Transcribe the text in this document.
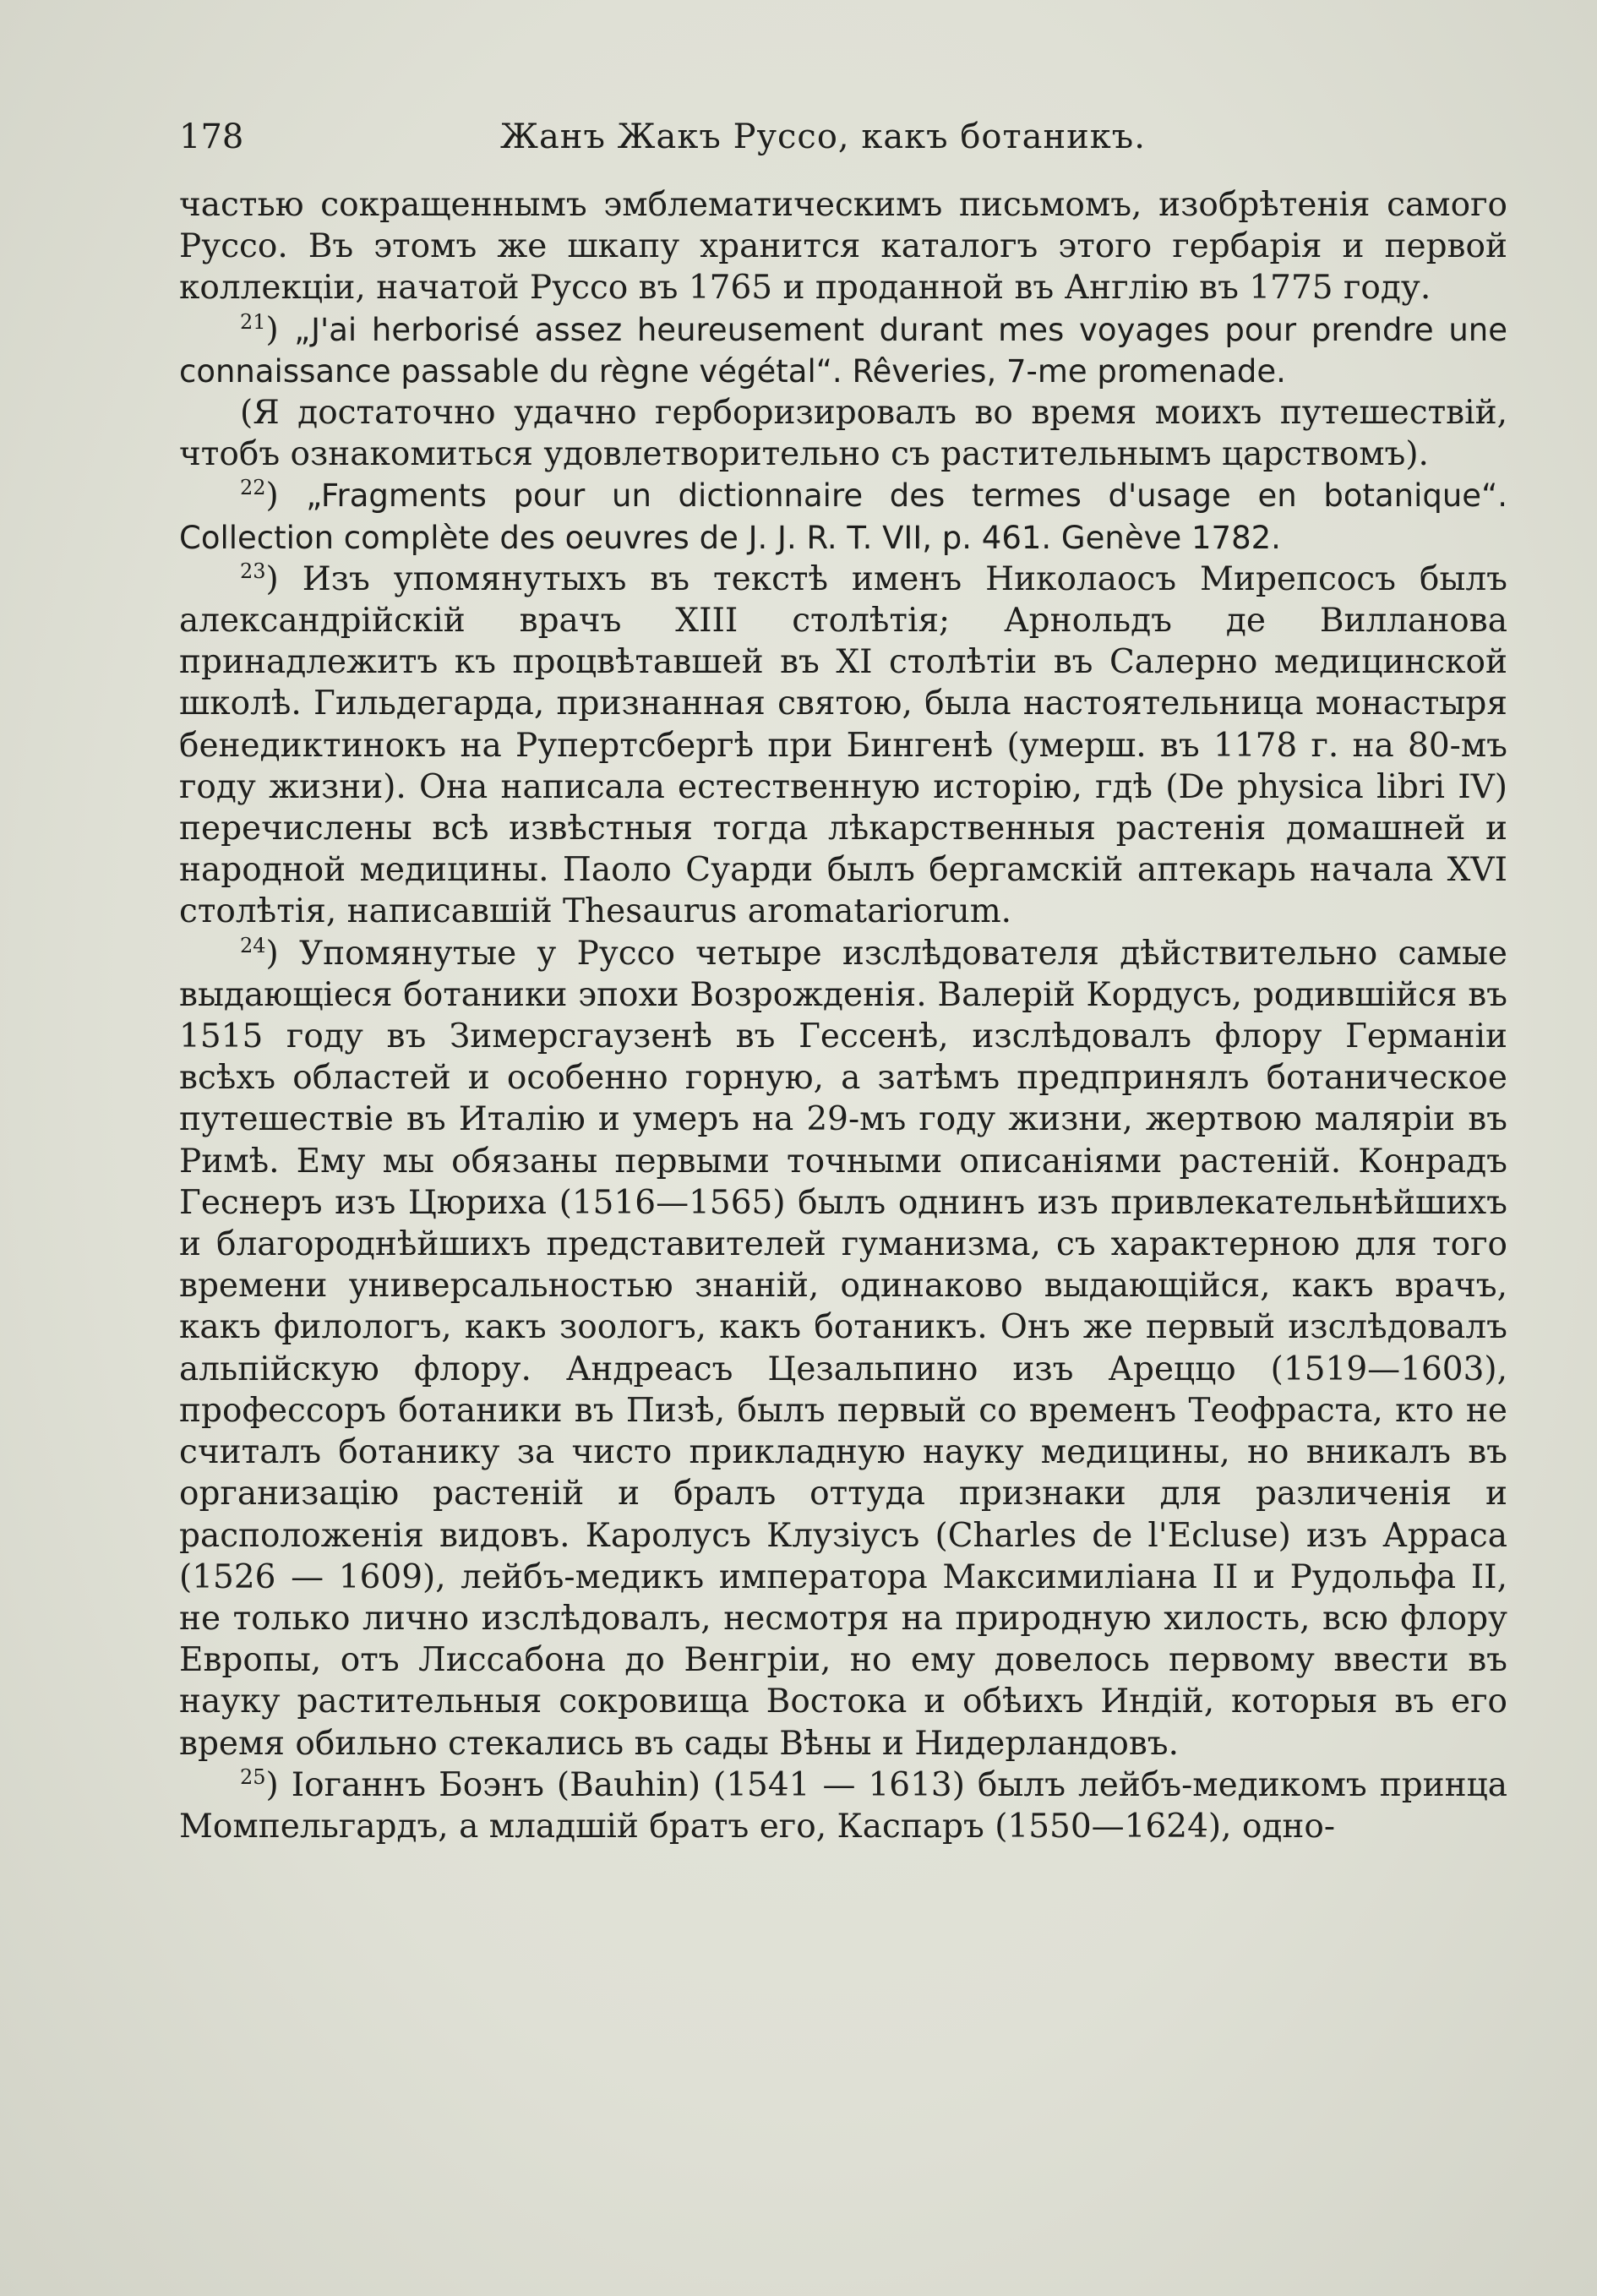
178	Жанъ Жакъ Руссо, какъ ботаникъ.

частью сокращеннымъ эмблематическимъ письмомъ, изобрѣтенія самого Руссо. Въ этомъ же шкапу хранится каталогъ этого гербарія и первой коллекціи, начатой Руссо въ 1765 и проданной въ Англію въ 1775 году.

$^{21}$) „J'ai herborisé assez heureusement durant mes voyages pour prendre une connaissance passable du règne végétal“. Rêveries, 7-me promenade.

(Я достаточно удачно герборизировалъ во время моихъ путешествій, чтобъ ознакомиться удовлетворительно съ растительнымъ царствомъ).

$^{22}$) „Fragments pour un dictionnaire des termes d'usage en botanique“. Collection complète des oeuvres de J. J. R. T. VII, p. 461. Genève 1782.

$^{23}$) Изъ упомянутыхъ въ текстѣ именъ Николаосъ Мирепсосъ былъ александрійскій врачъ XIII столѣтія; Арнольдъ де Вилланова принадлежитъ къ процвѣтавшей въ XI столѣтіи въ Салерно медицинской школѣ. Гильдегарда, признанная святою, была настоятельница монастыря бенедиктинокъ на Рупертсбергѣ при Бингенѣ (умерш. въ 1178 г. на 80-мъ году жизни). Она написала естественную исторію, гдѣ (De physica libri IV) перечислены всѣ извѣстныя тогда лѣкарственныя растенія домашней и народной медицины. Паоло Суарди былъ бергамскій аптекарь начала XVI столѣтія, написавшій Thesaurus aromatariorum.

$^{24}$) Упомянутые у Руссо четыре изслѣдователя дѣйствительно самые выдающіеся ботаники эпохи Возрожденія. Валерій Кордусъ, родившійся въ 1515 году въ Зимерсгаузенѣ въ Гессенѣ, изслѣдовалъ флору Германіи всѣхъ областей и особенно горную, а затѣмъ предпринялъ ботаническое путешествіе въ Италію и умеръ на 29-мъ году жизни, жертвою маляріи въ Римѣ. Ему мы обязаны первыми точными описаніями растеній. Конрадъ Геснеръ изъ Цюриха (1516—1565) былъ однинъ изъ привлекательнѣйшихъ и благороднѣйшихъ представителей гуманизма, съ характерною для того времени универсальностью знаній, одинаково выдающійся, какъ врачъ, какъ филологъ, какъ зоологъ, какъ ботаникъ. Онъ же первый изслѣдовалъ альпійскую флору. Андреасъ Цезальпино изъ Ареццо (1519—1603), профессоръ ботаники въ Пизѣ, былъ первый со временъ Теофраста, кто не считалъ ботанику за чисто прикладную науку медицины, но вникалъ въ организацію растеній и бралъ оттуда признаки для различенія и расположенія видовъ. Каролусъ Клузіусъ (Charles de l'Ecluse) изъ Арраса (1526 — 1609), лейбъ-медикъ императора Максимиліана II и Рудольфа II, не только лично изслѣдовалъ, несмотря на природную хилость, всю флору Европы, отъ Лиссабона до Венгріи, но ему довелось первому ввести въ науку растительныя сокровища Востока и обѣихъ Индій, которыя въ его время обильно стекались въ сады Вѣны и Нидерландовъ.

$^{25}$) Іоганнъ Боэнъ (Bauhin) (1541 — 1613) былъ лейбъ-медикомъ принца Момпельгардъ, а младшій братъ его, Каспаръ (1550—1624), одно-
